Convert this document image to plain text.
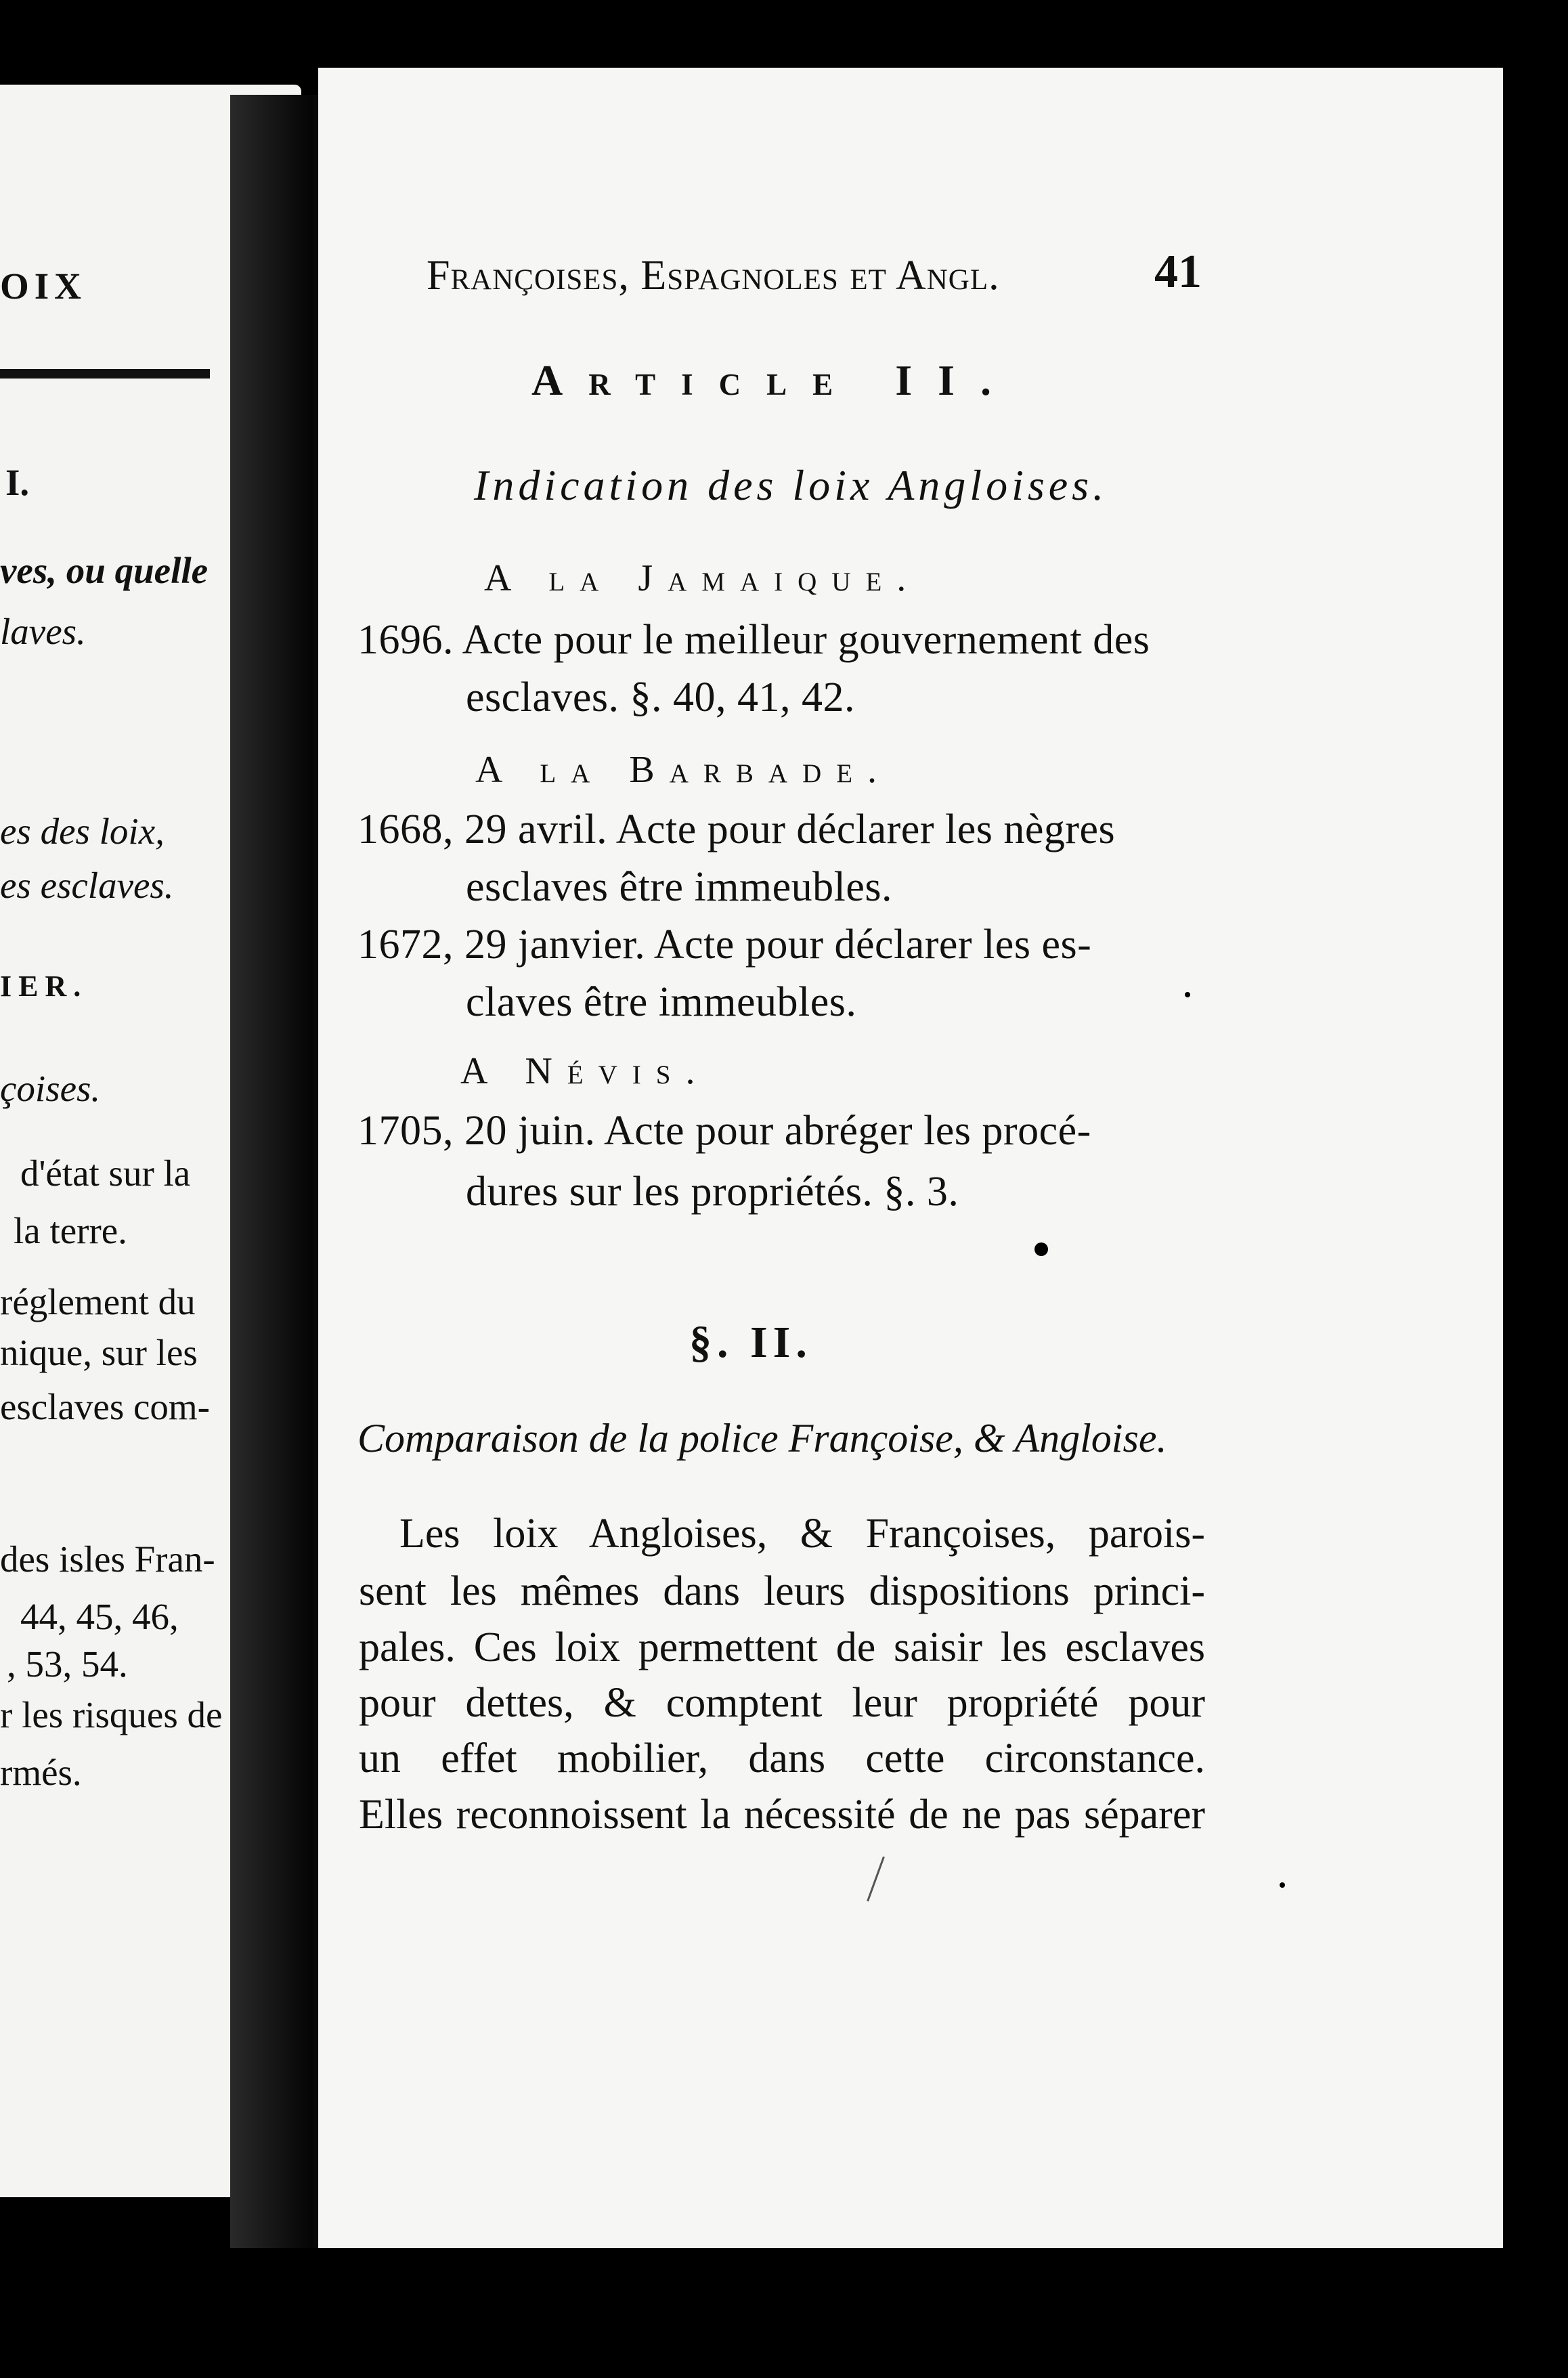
OIX
I.
ves, ou quelle
laves.
es des loix,
es esclaves.
IER.
çoises.
d'état sur la
la terre.
réglement du
nique, sur les
esclaves com-
des isles Fran-
44, 45, 46,
, 53, 54.
r les risques de
rmés.
Françoises, Espagnoles et Angl.	41
Article II.
Indication des loix Angloises.
A la Jamaique.
1696. Acte pour le meilleur gouvernement des
esclaves. §. 40, 41, 42.
A la Barbade.
1668, 29 avril. Acte pour déclarer les nègres
esclaves être immeubles.
1672, 29 janvier. Acte pour déclarer les es-
claves être immeubles.
A Névis.
1705, 20 juin. Acte pour abréger les procé-
dures sur les propriétés. §. 3.
§. II.
Comparaison de la police Françoise, & Angloise.
Les loix Angloises, & Françoises, parois-
sent les mêmes dans leurs dispositions princi-
pales. Ces loix permettent de saisir les esclaves
pour dettes, & comptent leur propriété pour
un effet mobilier, dans cette circonstance.
Elles reconnoissent la nécessité de ne pas séparer
